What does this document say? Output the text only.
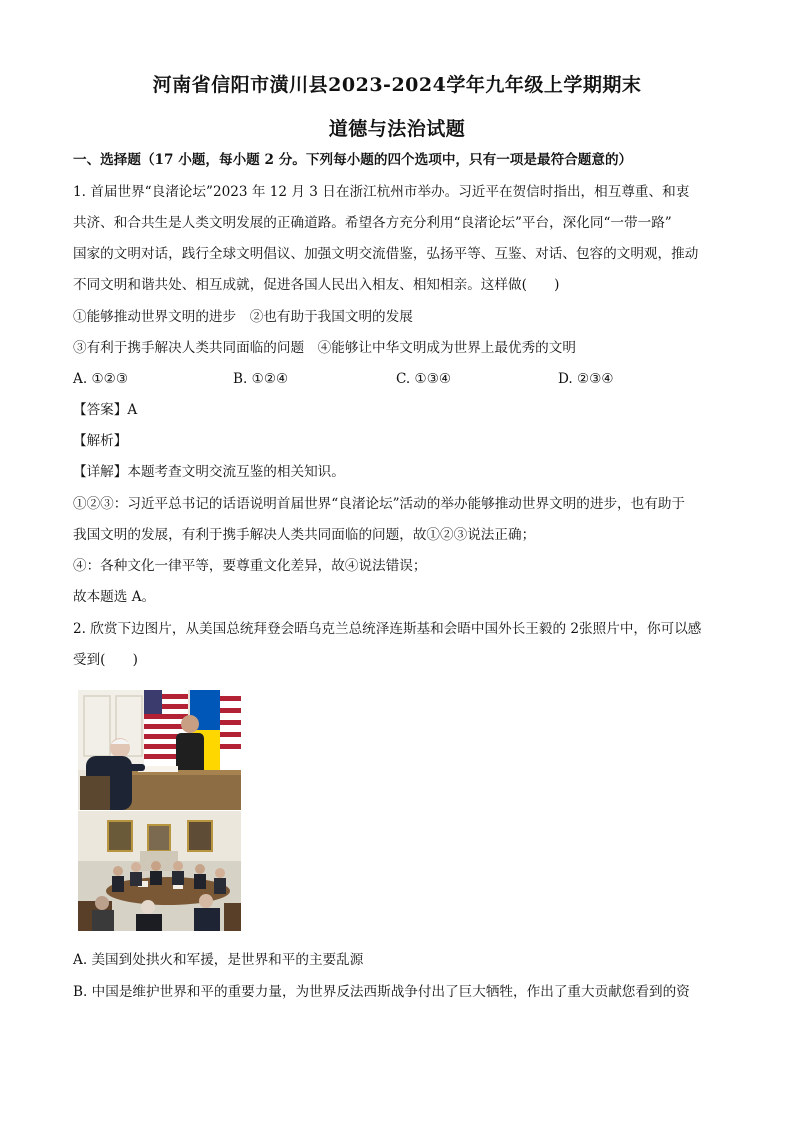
河南省信阳市潢川县2023-2024学年九年级上学期期末
道德与法治试题
一、选择题（17 小题，每小题 2 分。下列每小题的四个选项中，只有一项是最符合题意的）
1. 首届世界“良渚论坛”2023 年 12 月 3 日在浙江杭州市举办。习近平在贺信时指出，相互尊重、和衷
共济、和合共生是人类文明发展的正确道路。希望各方充分利用“良渚论坛”平台，深化同“一带一路”
国家的文明对话，践行全球文明倡议、加强文明交流借鉴，弘扬平等、互鉴、对话、包容的文明观，推动
不同文明和谐共处、相互成就，促进各国人民出入相友、相知相亲。这样做(　　)
①能够推动世界文明的进步　②也有助于我国文明的发展
③有利于携手解决人类共同面临的问题　④能够让中华文明成为世界上最优秀的文明
A. ①②③	B. ①②④	C. ①③④	D. ②③④
【答案】A
【解析】
【详解】本题考查文明交流互鉴的相关知识。
①②③：习近平总书记的话语说明首届世界“良渚论坛”活动的举办能够推动世界文明的进步，也有助于
我国文明的发展，有利于携手解决人类共同面临的问题，故①②③说法正确；
④：各种文化一律平等，要尊重文化差异，故④说法错误；
故本题选 A。
2. 欣赏下边图片，从美国总统拜登会晤乌克兰总统泽连斯基和会晤中国外长王毅的 2张照片中，你可以感
受到(　　)
A. 美国到处拱火和军援，是世界和平的主要乱源
B. 中国是维护世界和平的重要力量，为世界反法西斯战争付出了巨大牺牲，作出了重大贡献您看到的资
